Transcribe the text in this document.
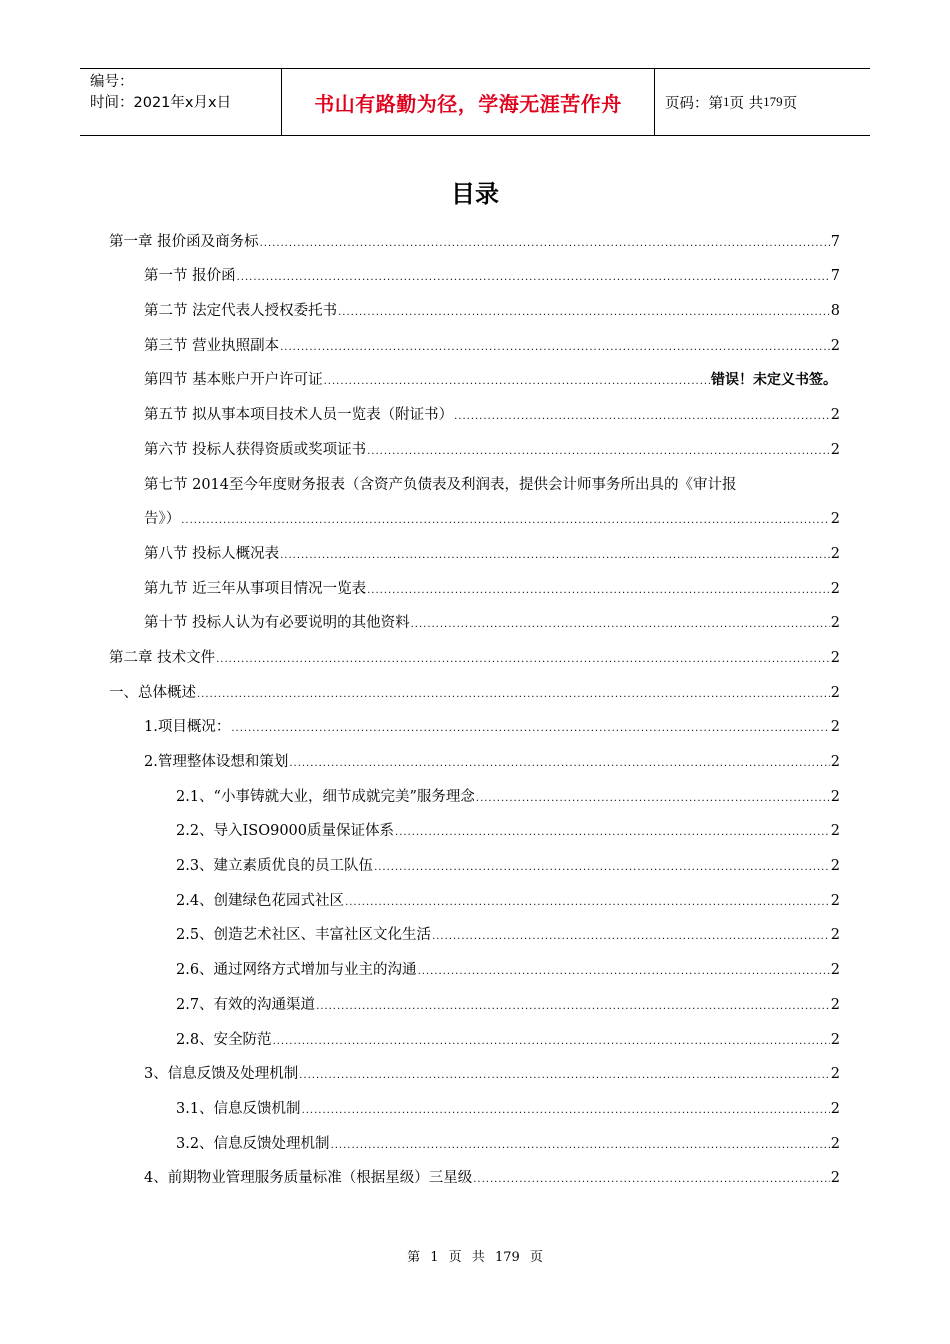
编号：
时间：2021年x月x日	书山有路勤为径，学海无涯苦作舟	页码：第 1 页 共 179 页
目录
第一章 报价函及商务标 .....	7
第一节 报价函 .....	7
第二节 法定代表人授权委托书 .....	8
第三节 营业执照副本 .....	2
第四节 基本账户开户许可证 .....	错误！未定义书签。
第五节 拟从事本项目技术人员一览表（附证书） .....	2
第六节 投标人获得资质或奖项证书 .....	2
第七节 2014至今年度财务报表（含资产负债表及利润表，提供会计师事务所出具的《审计报
告》） .....	2
第八节 投标人概况表 .....	2
第九节 近三年从事项目情况一览表 .....	2
第十节 投标人认为有必要说明的其他资料 .....	2
第二章 技术文件 .....	2
一、总体概述 .....	2
1.项目概况： .....	2
2.管理整体设想和策划 .....	2
2.1、“小事铸就大业，细节成就完美”服务理念 .....	2
2.2、导入ISO9000质量保证体系 .....	2
2.3、建立素质优良的员工队伍 .....	2
2.4、创建绿色花园式社区 .....	2
2.5、创造艺术社区、丰富社区文化生活 .....	2
2.6、通过网络方式增加与业主的沟通 .....	2
2.7、有效的沟通渠道 .....	2
2.8、安全防范 .....	2
3、信息反馈及处理机制 .....	2
3.1、信息反馈机制 .....	2
3.2、信息反馈处理机制 .....	2
4、前期物业管理服务质量标准（根据星级）三星级 .....	2
第 1 页 共 179 页
